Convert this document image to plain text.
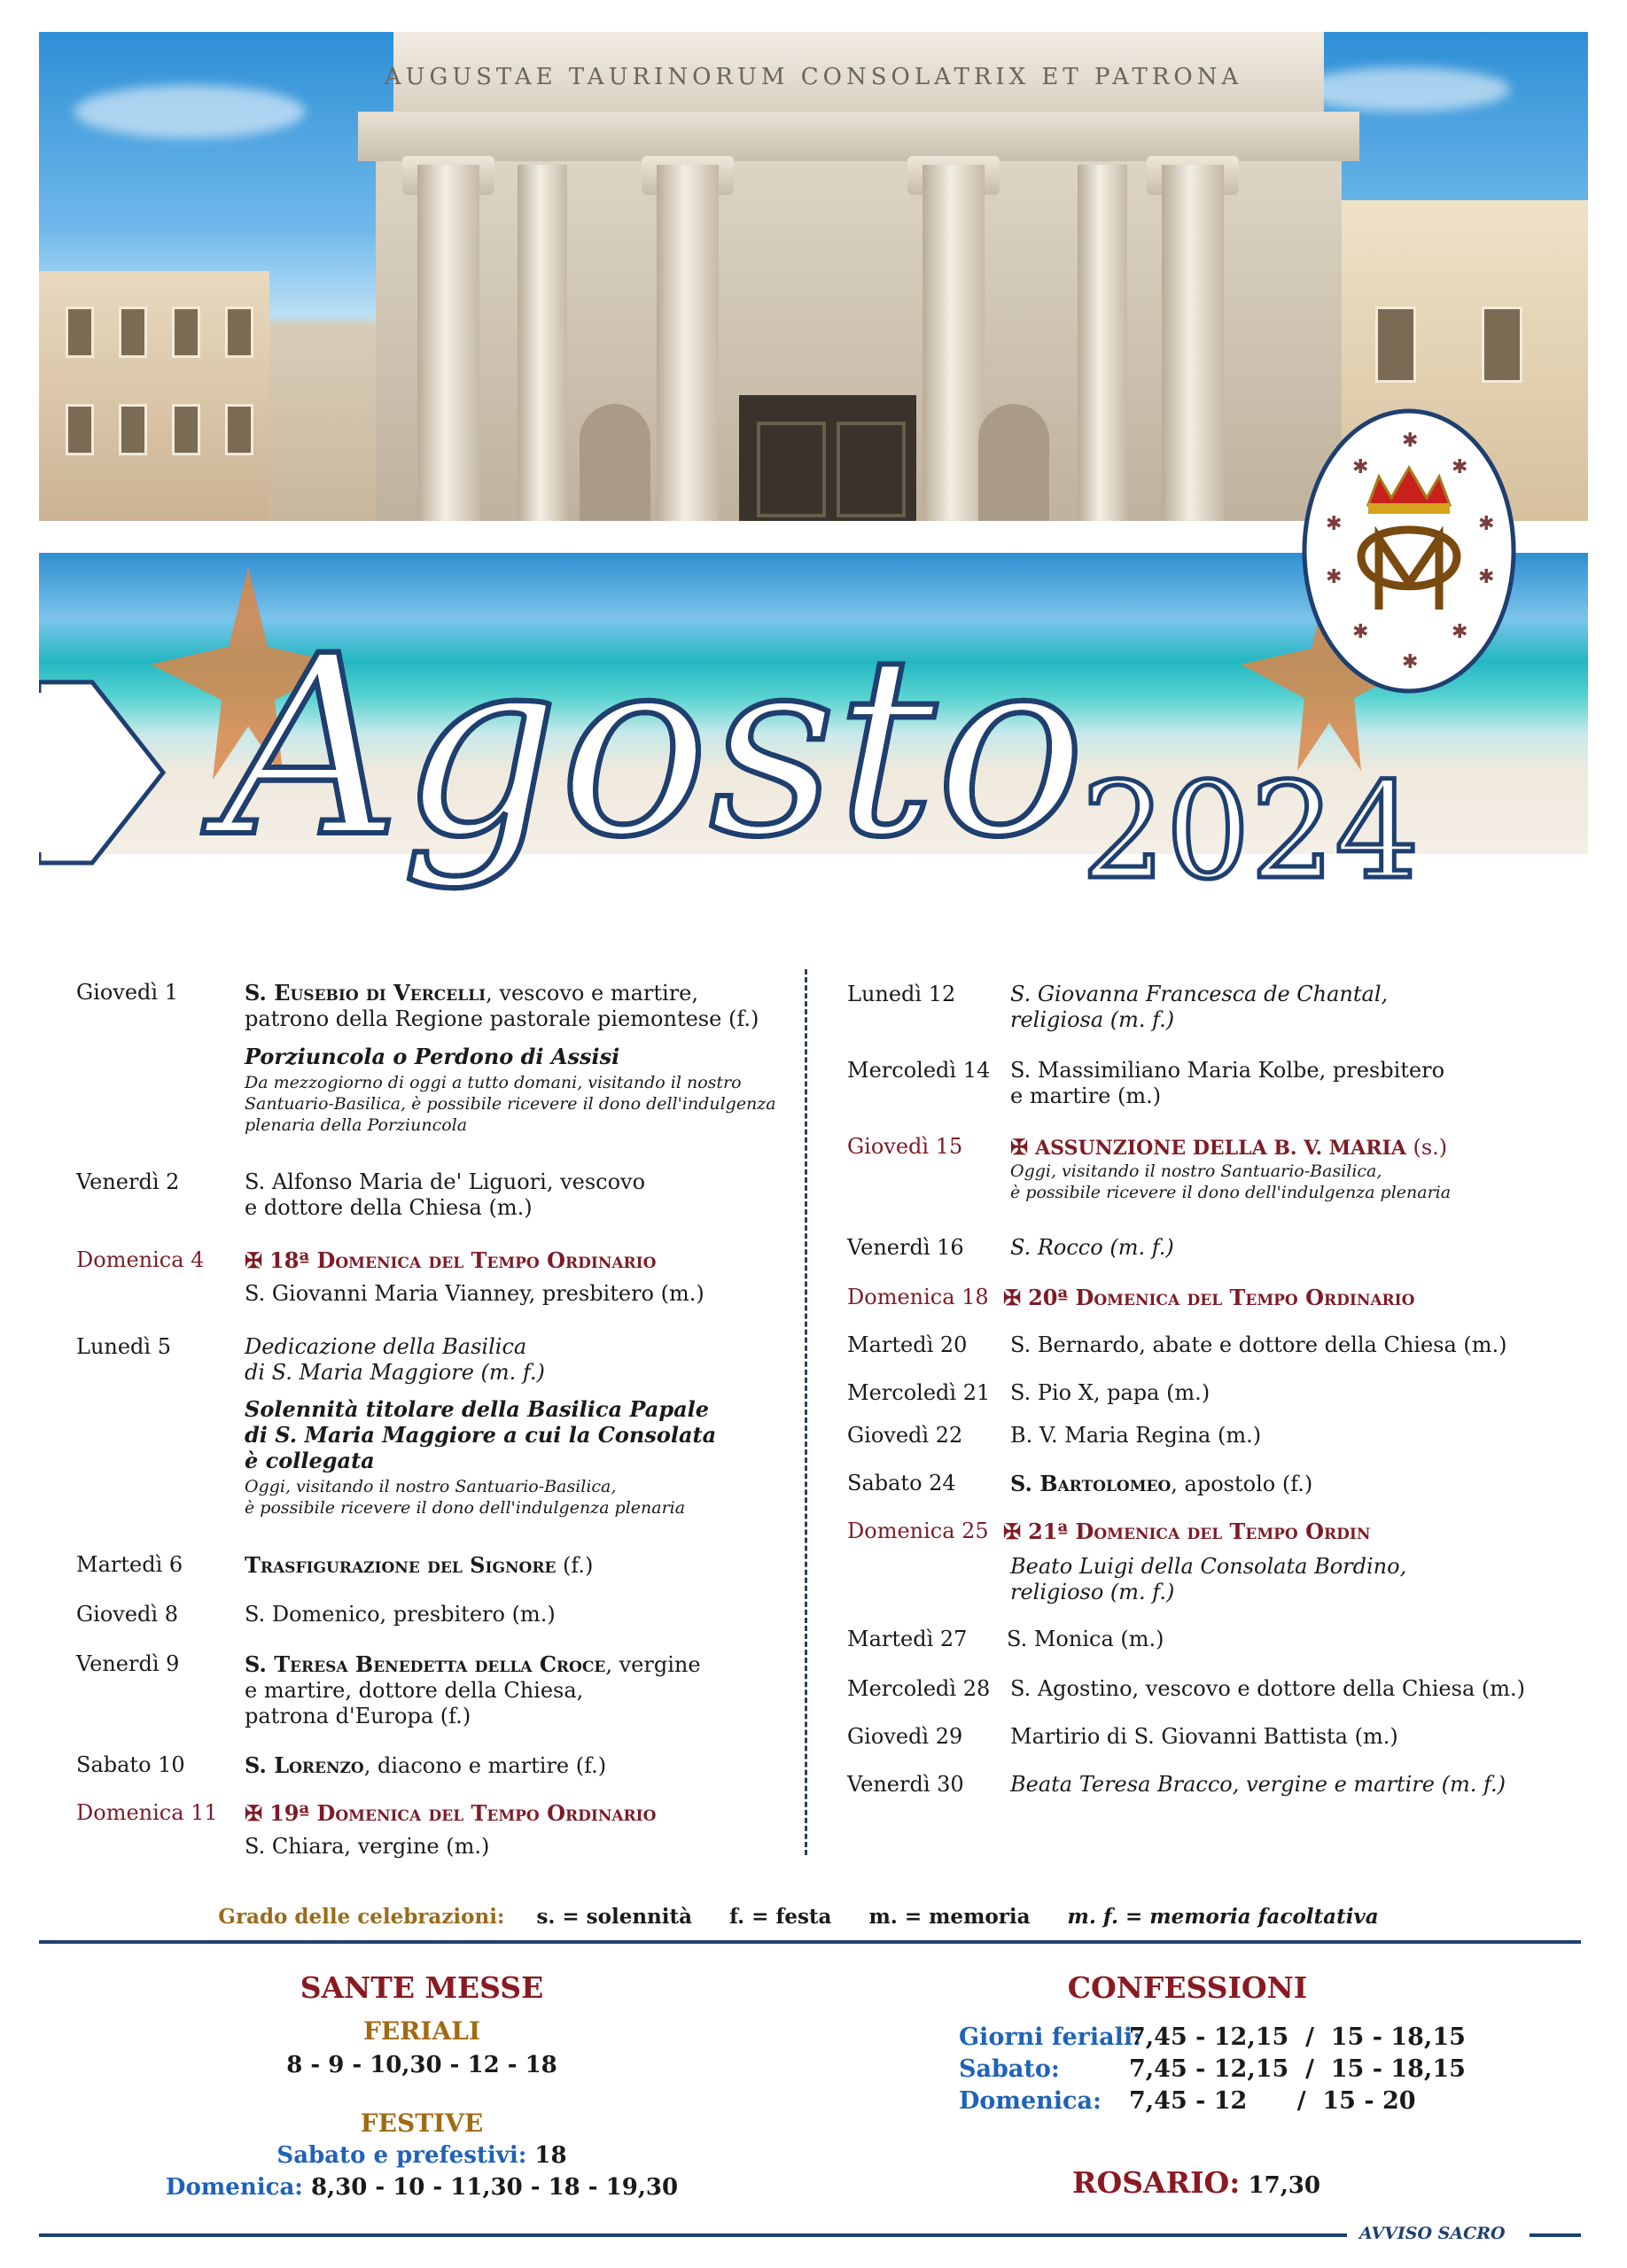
AUGUSTAE TAURINORUM CONSOLATRIX ET PATRONA
Agosto
2024
✱
✱	✱
✱	✱
✱	✱
✱	✱
✱
Giovedì 1	S. Eusebio di Vercelli, vescovo e martire,
patrono della Regione pastorale piemontese (f.)
Porziuncola o Perdono di Assisi
Da mezzogiorno di oggi a tutto domani, visitando il nostro
Santuario-Basilica, è possibile ricevere il dono dell'indulgenza
plenaria della Porziuncola
Venerdì 2	S. Alfonso Maria de' Liguori, vescovo
e dottore della Chiesa (m.)
Domenica 4 ✠ 18ª Domenica del Tempo Ordinario
S. Giovanni Maria Vianney, presbitero (m.)
Lunedì 5	Dedicazione della Basilica
di S. Maria Maggiore (m. f.)
Solennità titolare della Basilica Papale
di S. Maria Maggiore a cui la Consolata
è collegata
Oggi, visitando il nostro Santuario-Basilica,
è possibile ricevere il dono dell'indulgenza plenaria
Martedì 6	Trasfigurazione del Signore (f.)
Giovedì 8	S. Domenico, presbitero (m.)
Venerdì 9	S. Teresa Benedetta della Croce, vergine
e martire, dottore della Chiesa,
patrona d'Europa (f.)
Sabato 10	S. Lorenzo, diacono e martire (f.)
Domenica 11 ✠ 19ª Domenica del Tempo Ordinario
S. Chiara, vergine (m.)
Lunedì 12	S. Giovanna Francesca de Chantal,
religiosa (m. f.)
Mercoledì 14 S. Massimiliano Maria Kolbe, presbitero
e martire (m.)
Giovedì 15 ✠ ASSUNZIONE DELLA B. V. MARIA (s.)
Oggi, visitando il nostro Santuario-Basilica,
è possibile ricevere il dono dell'indulgenza plenaria
Venerdì 16 S. Rocco (m. f.)
Domenica 18 ✠ 20ª Domenica del Tempo Ordinario
Martedì 20 S. Bernardo, abate e dottore della Chiesa (m.)
Mercoledì 21 S. Pio X, papa (m.)
Giovedì 22 B. V. Maria Regina (m.)
Sabato 24	S. Bartolomeo, apostolo (f.)
Domenica 25 ✠ 21ª Domenica del Tempo Ordin
Beato Luigi della Consolata Bordino,
religioso (m. f.)
Martedì 27 S. Monica (m.)
Mercoledì 28 S. Agostino, vescovo e dottore della Chiesa (m.)
Giovedì 29 Martirio di S. Giovanni Battista (m.)
Venerdì 30 Beata Teresa Bracco, vergine e martire (m. f.)
Grado delle celebrazioni: s. = solennità f. = festa m. = memoria m. f. = memoria facoltativa
SANTE MESSE
FERIALI
8 - 9 - 10,30 - 12 - 18
FESTIVE
Sabato e prefestivi: 18
Domenica: 8,30 - 10 - 11,30 - 18 - 19,30
CONFESSIONI
Giorni feriali:7,45 - 12,15  /  15 - 18,15
Sabato:	7,45 - 12,15  /  15 - 18,15
Domenica: 7,45 - 12      /  15 - 20
ROSARIO: 17,30
AVVISO SACRO
